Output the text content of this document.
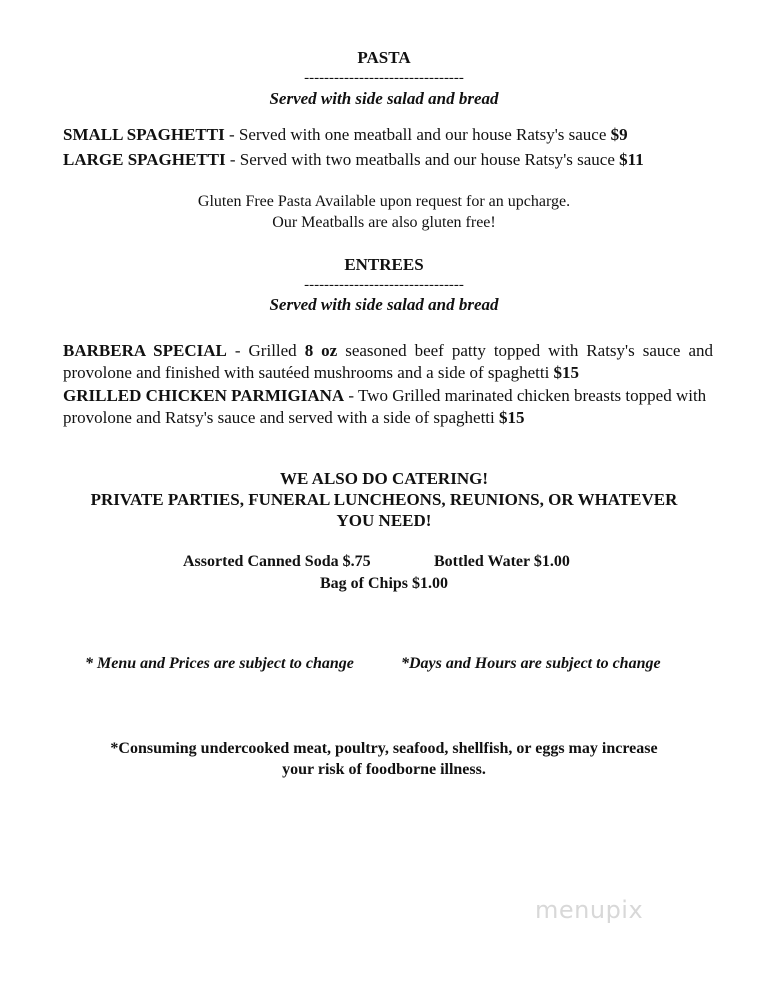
PASTA
--------------------------------
Served with side salad and bread
SMALL SPAGHETTI - Served with one meatball and our house Ratsy's sauce $9
LARGE SPAGHETTI - Served with two meatballs and our house Ratsy's sauce $11
Gluten Free Pasta Available upon request for an upcharge.
Our Meatballs are also gluten free!
ENTREES
--------------------------------
Served with side salad and bread
BARBERA SPECIAL - Grilled 8 oz seasoned beef patty topped with Ratsy's sauce and provolone and finished with sautéed mushrooms and a side of spaghetti $15
GRILLED CHICKEN PARMIGIANA - Two Grilled marinated chicken breasts topped with provolone and Ratsy's sauce and served with a side of spaghetti $15
WE ALSO DO CATERING!
PRIVATE PARTIES, FUNERAL LUNCHEONS, REUNIONS, OR WHATEVER
YOU NEED!
Assorted Canned Soda $.75	Bottled Water $1.00
Bag of Chips $1.00
* Menu and Prices are subject to change	*Days and Hours are subject to change
*Consuming undercooked meat, poultry, seafood, shellfish, or eggs may increase
your risk of foodborne illness.
menupix
